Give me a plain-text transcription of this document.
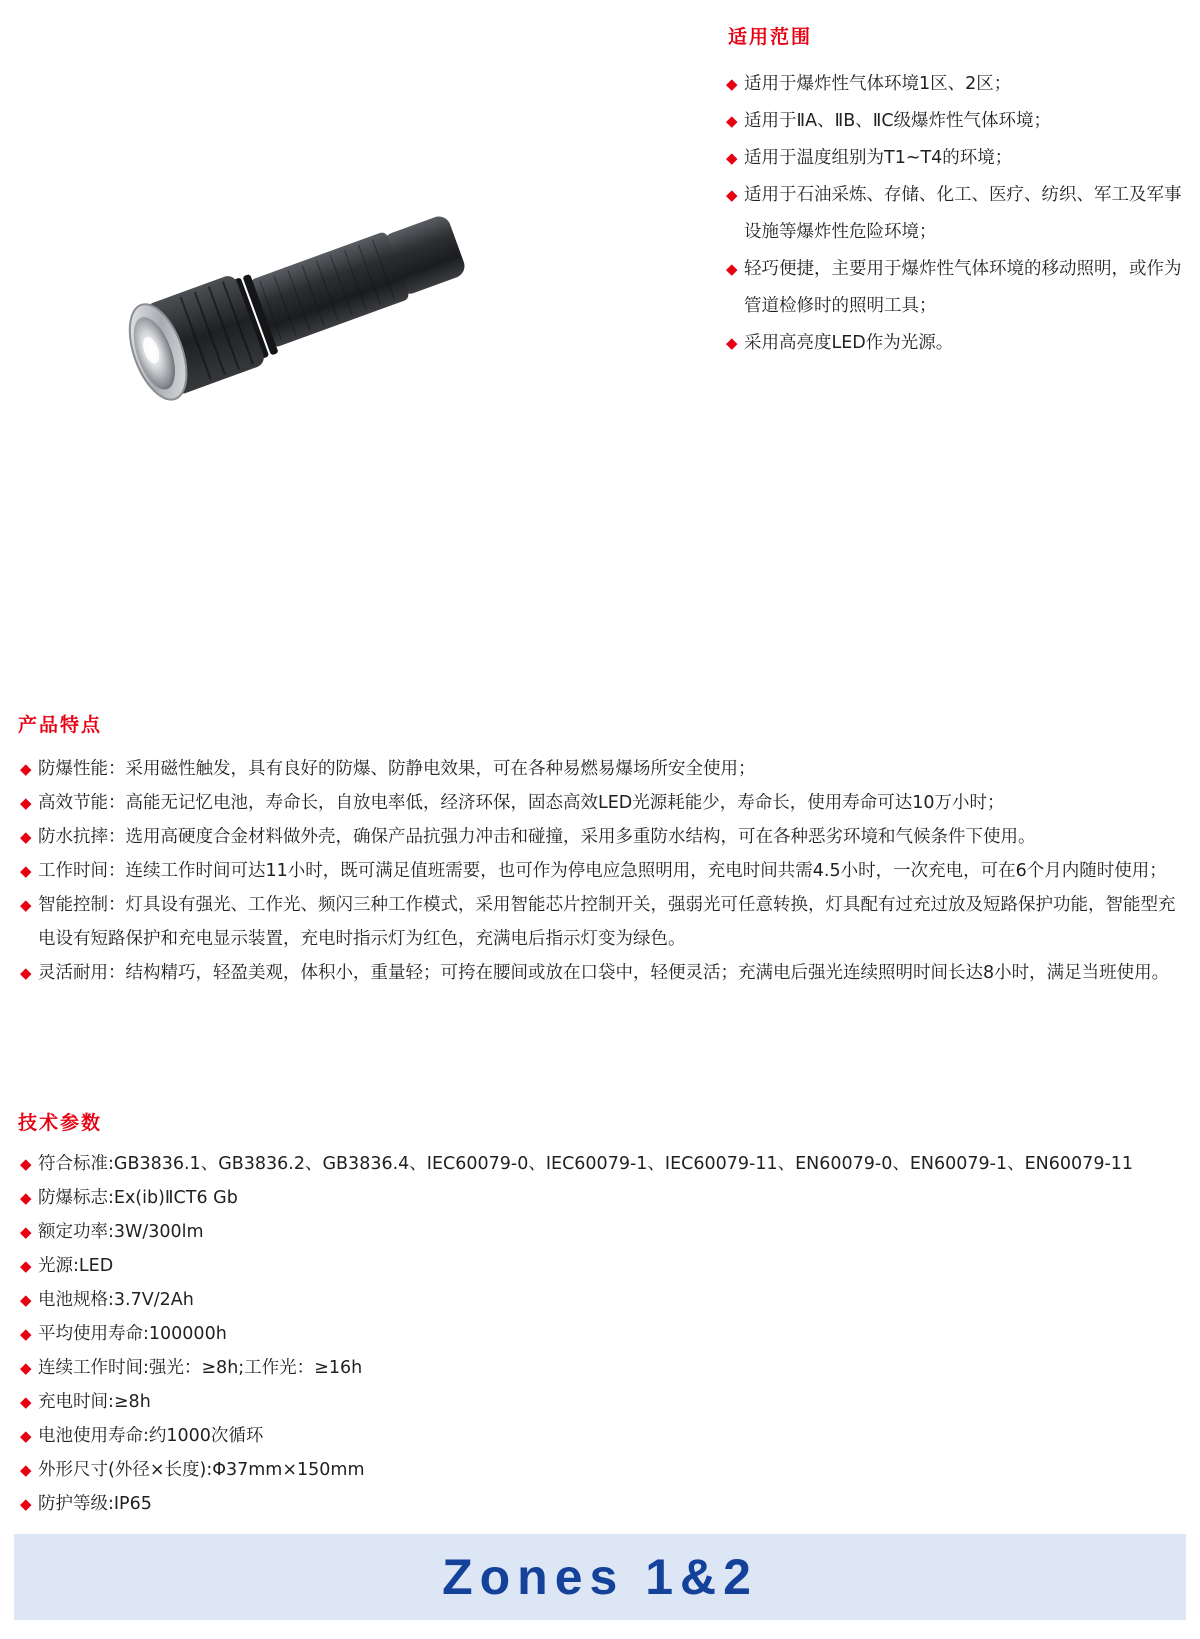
适用范围

◆ 适用于爆炸性气体环境1区、2区；

◆ 适用于ⅡA、ⅡB、ⅡC级爆炸性气体环境；

◆ 适用于温度组别为T1~T4的环境；

◆ 适用于石油采炼、存储、化工、医疗、纺织、军工及军事设施等爆炸性危险环境；

◆ 轻巧便捷，主要用于爆炸性气体环境的移动照明，或作为管道检修时的照明工具；

◆ 采用高亮度LED作为光源。

产品特点

◆ 防爆性能：采用磁性触发，具有良好的防爆、防静电效果，可在各种易燃易爆场所安全使用；

◆ 高效节能：高能无记忆电池，寿命长，自放电率低，经济环保，固态高效LED光源耗能少，寿命长，使用寿命可达10万小时；

◆ 防水抗摔：选用高硬度合金材料做外壳，确保产品抗强力冲击和碰撞，采用多重防水结构，可在各种恶劣环境和气候条件下使用。

◆ 工作时间：连续工作时间可达11小时，既可满足值班需要，也可作为停电应急照明用，充电时间共需4.5小时，一次充电，可在6个月内随时使用；

◆ 智能控制：灯具设有强光、工作光、频闪三种工作模式，采用智能芯片控制开关，强弱光可任意转换，灯具配有过充过放及短路保护功能，智能型充电设有短路保护和充电显示装置，充电时指示灯为红色，充满电后指示灯变为绿色。

◆ 灵活耐用：结构精巧，轻盈美观，体积小，重量轻；可挎在腰间或放在口袋中，轻便灵活；充满电后强光连续照明时间长达8小时，满足当班使用。

技术参数

◆ 符合标准:GB3836.1、GB3836.2、GB3836.4、IEC60079-0、IEC60079-1、IEC60079-11、EN60079-0、EN60079-1、EN60079-11

◆ 防爆标志:Ex(ib)ⅡCT6 Gb

◆ 额定功率:3W/300lm

◆ 光源:LED

◆ 电池规格:3.7V/2Ah

◆ 平均使用寿命:100000h

◆ 连续工作时间:强光：≥8h;工作光：≥16h

◆ 充电时间:≥8h

◆ 电池使用寿命:约1000次循环

◆ 外形尺寸(外径×长度):Φ37mm×150mm

◆ 防护等级:IP65

Zones 1&2
